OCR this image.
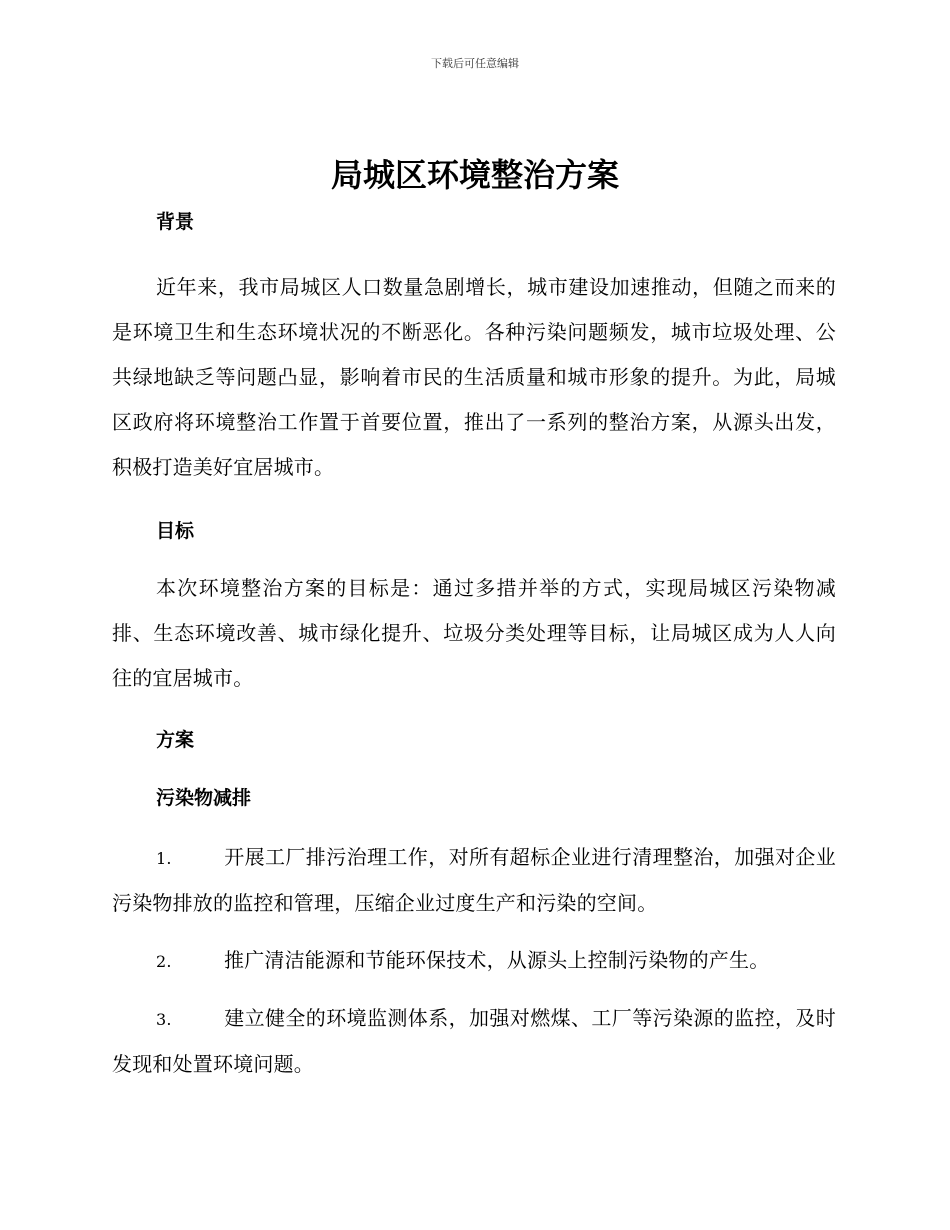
下载后可任意编辑
局城区环境整治方案

背景

近年来，我市局城区人口数量急剧增长，城市建设加速推动，但随之而来的是环境卫生和生态环境状况的不断恶化。各种污染问题频发，城市垃圾处理、公共绿地缺乏等问题凸显，影响着市民的生活质量和城市形象的提升。为此，局城区政府将环境整治工作置于首要位置，推出了一系列的整治方案，从源头出发，积极打造美好宜居城市。

目标

本次环境整治方案的目标是：通过多措并举的方式，实现局城区污染物减排、生态环境改善、城市绿化提升、垃圾分类处理等目标，让局城区成为人人向往的宜居城市。

方案

污染物减排

1.	开展工厂排污治理工作，对所有超标企业进行清理整治，加强对企业污染物排放的监控和管理，压缩企业过度生产和污染的空间。

2.	推广清洁能源和节能环保技术，从源头上控制污染物的产生。

3.	建立健全的环境监测体系，加强对燃煤、工厂等污染源的监控，及时发现和处置环境问题。
